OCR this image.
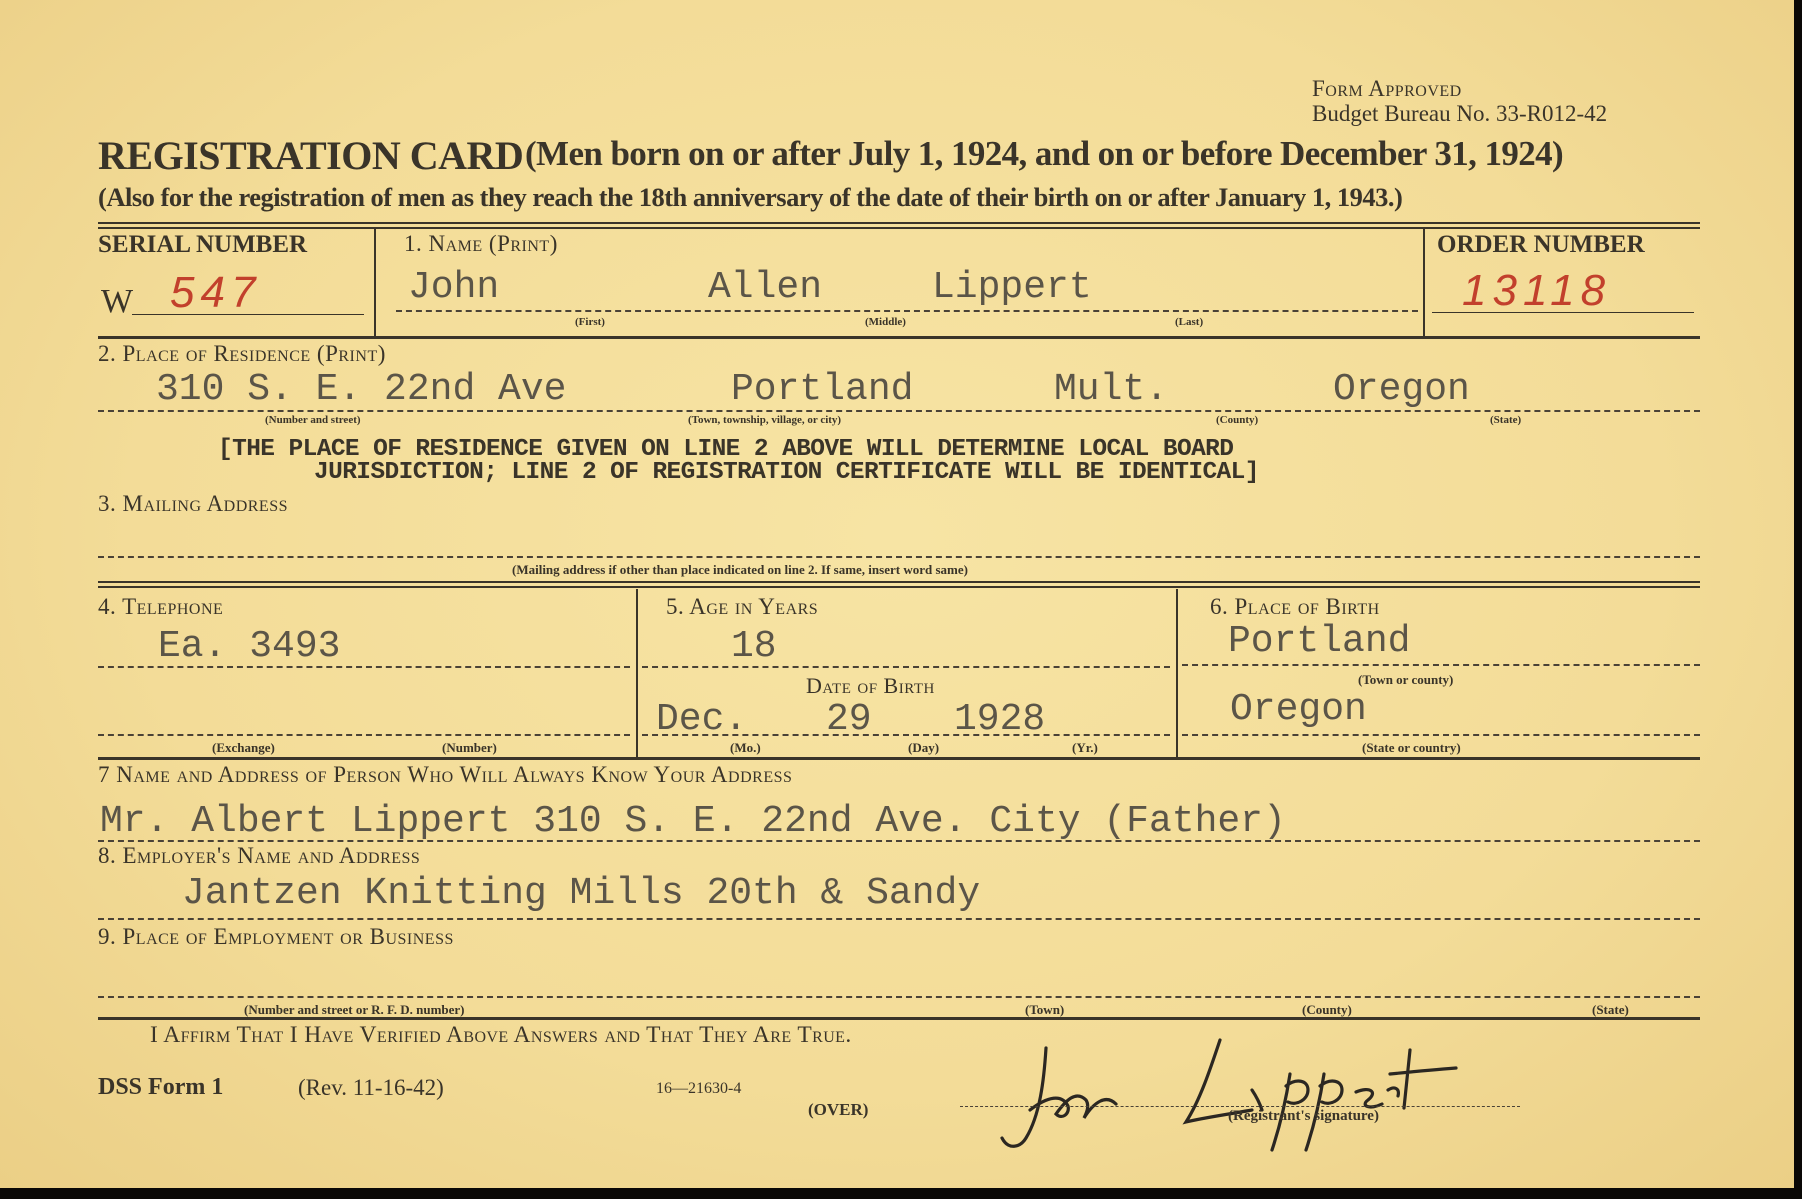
Form Approved
Budget Bureau No. 33-R012-42
REGISTRATION CARD (Men born on or after July 1, 1924, and on or before December 31, 1924)
(Also for the registration of men as they reach the 18th anniversary of the date of their birth on or after January 1, 1943.)
SERIAL NUMBER
W 547
1. Name (Print)
John	Allen	Lippert
(First)	(Middle)	(Last)
ORDER NUMBER
13118
2. Place of Residence (Print)
310 S. E. 22nd Ave	Portland	Mult.	Oregon
(Number and street)	(Town, township, village, or city)	(County)	(State)
[THE PLACE OF RESIDENCE GIVEN ON LINE 2 ABOVE WILL DETERMINE LOCAL BOARD
JURISDICTION; LINE 2 OF REGISTRATION CERTIFICATE WILL BE IDENTICAL]
3. Mailing Address
(Mailing address if other than place indicated on line 2. If same, insert word same)
4. Telephone
Ea. 3493
(Exchange)	(Number)
5. Age in Years
18
Date of Birth
Dec. 29 1928
(Mo.)	(Day)	(Yr.)
6. Place of Birth
Portland
(Town or county)
Oregon
(State or country)
7 Name and Address of Person Who Will Always Know Your Address
Mr. Albert Lippert 310 S. E. 22nd Ave. City (Father)
8. Employer's Name and Address
Jantzen Knitting Mills 20th & Sandy
9. Place of Employment or Business
(Number and street or R. F. D. number)	(Town)	(County)	(State)
I Affirm That I Have Verified Above Answers and That They Are True.
DSS Form 1	(Rev. 11-16-42)	16—21630-4
(OVER)	(Registrant's signature)
